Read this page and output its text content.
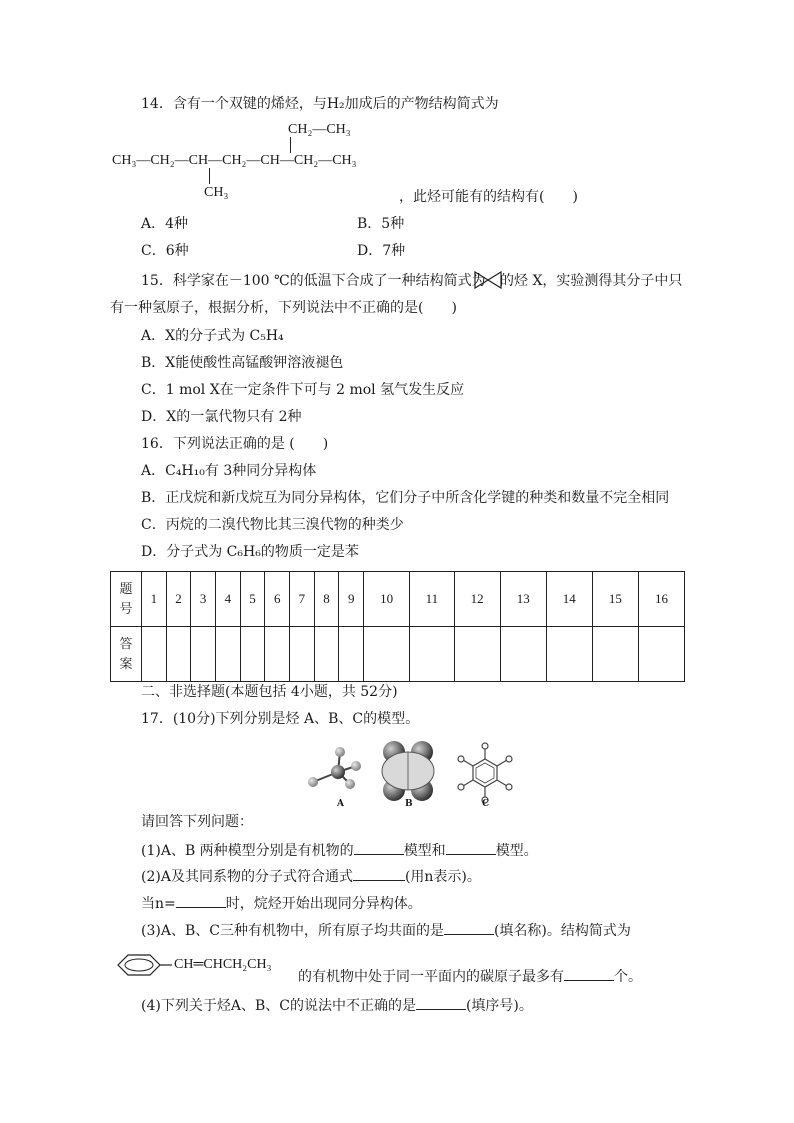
14．含有一个双键的烯烃，与H₂加成后的产物结构简式为
CH₂—CH₃
CH₃—CH₂—CH—CH₂—CH—CH₂—CH₃
CH₃	，此烃可能有的结构有(　　)
A．4种	B．5种
C．6种	D．7种
15．科学家在－100 ℃的低温下合成了一种结构简式为 的烃 X，实验测得其分子中只
有一种氢原子，根据分析，下列说法中不正确的是(　　)
A．X的分子式为 C₅H₄
B．X能使酸性高锰酸钾溶液褪色
C．1 mol X在一定条件下可与 2 mol 氢气发生反应
D．X的一氯代物只有 2种
16．下列说法正确的是 (　　)
A．C₄H₁₀有 3种同分异构体
B．正戊烷和新戊烷互为同分异构体，它们分子中所含化学键的种类和数量不完全相同
C．丙烷的二溴代物比其三溴代物的种类少
D．分子式为 C₆H₆的物质一定是苯
题
号	1	2	3	4	5	6	7	8	9	10	11	12	13	14	15	16
答
案																
二、非选择题(本题包括 4小题，共 52分)
17．(10分)下列分别是烃 A、B、C的模型。
A	B	C
请回答下列问题：
(1)A、B 两种模型分别是有机物的	模型和	模型。
(2)A及其同系物的分子式符合通式	(用n表示)。
当n=	时，烷烃开始出现同分异构体。
(3)A、B、C三种有机物中，所有原子均共面的是	(填名称)。结构简式为
CH═CHCH₂CH₃
的有机物中处于同一平面内的碳原子最多有	个。
(4)下列关于烃A、B、C的说法中不正确的是	(填序号)。
